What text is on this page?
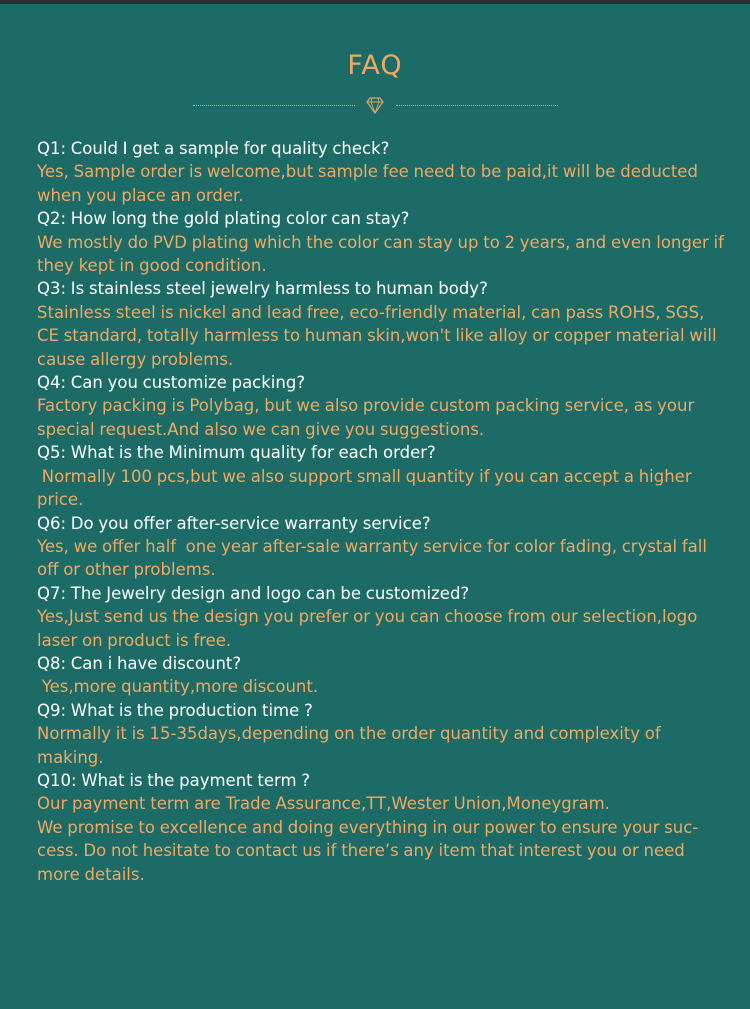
FAQ

Q1: Could I get a sample for quality check?

Yes, Sample order is welcome,but sample fee need to be paid,it will be deducted when you place an order.

Q2: How long the gold plating color can stay?

We mostly do PVD plating which the color can stay up to 2 years, and even longer if they kept in good condition.

Q3: Is stainless steel jewelry harmless to human body?

Stainless steel is nickel and lead free, eco-friendly material, can pass ROHS, SGS, CE standard, totally harmless to human skin,won't like alloy or copper material will cause allergy problems.

Q4: Can you customize packing?

Factory packing is Polybag, but we also provide custom packing service, as your special request.And also we can give you suggestions.

Q5: What is the Minimum quality for each order?

Normally 100 pcs,but we also support small quantity if you can accept a higher price.

Q6: Do you offer after-service warranty service?

Yes, we offer half  one year after-sale warranty service for color fading, crystal fall off or other problems.

Q7: The Jewelry design and logo can be customized?

Yes,Just send us the design you prefer or you can choose from our selection,logo laser on product is free.

Q8: Can i have discount?

Yes,more quantity,more discount.

Q9: What is the production time ?

Normally it is 15-35days,depending on the order quantity and complexity of making.

Q10: What is the payment term ?

Our payment term are Trade Assurance,TT,Wester Union,Moneygram.
We promise to excellence and doing everything in our power to ensure your suc-cess. Do not hesitate to contact us if there’s any item that interest you or need more details.
